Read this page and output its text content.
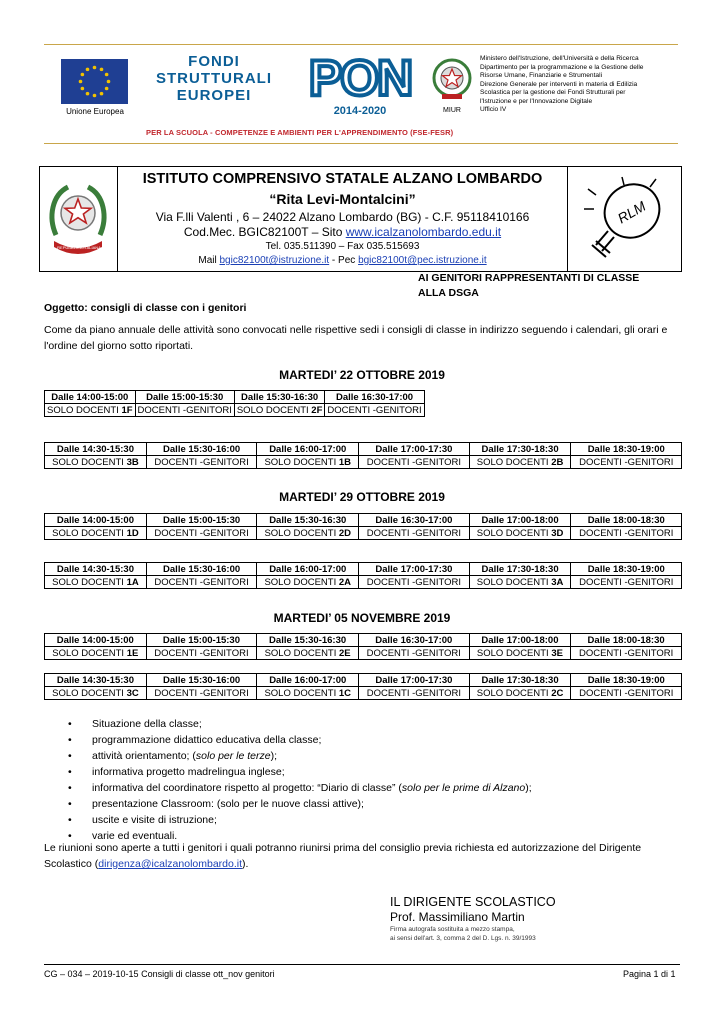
Unione Europea
FONDI
STRUTTURALI
EUROPEI	PON
2014-2020
PER LA SCUOLA - COMPETENZE E AMBIENTI PER L'APPRENDIMENTO (FSE-FESR)
MIUR
Ministero dell'Istruzione, dell'Università e della Ricerca
Dipartimento per la programmazione e la Gestione delle
Risorse Umane, Finanziarie e Strumentali
Direzione Generale per interventi in materia di Edilizia
Scolastica per la gestione dei Fondi Strutturali per
l'Istruzione e per l'Innovazione Digitale
Ufficio IV
REPUBBLICA ITALIANA
ISTITUTO COMPRENSIVO STATALE ALZANO LOMBARDO
“Rita Levi-Montalcini”
Via F.lli Valenti , 6 – 24022 Alzano Lombardo (BG) - C.F. 95118410166
Cod.Mec. BGIC82100T – Sito www.icalzanolombardo.edu.it
Tel. 035.511390 – Fax 035.515693
Mail bgic82100t@istruzione.it - Pec bgic82100t@pec.istruzione.it
RLM
AI GENITORI RAPPRESENTANTI DI CLASSE
ALLA DSGA
Oggetto: consigli di classe con i genitori
Come da piano annuale delle attività sono convocati nelle rispettive sedi i consigli di classe in indirizzo seguendo i calendari, gli orari e l'ordine del giorno sotto riportati.
MARTEDI’ 22 OTTOBRE 2019
Dalle 14:00-15:00	Dalle 15:00-15:30	Dalle 15:30-16:30	Dalle 16:30-17:00
SOLO DOCENTI 1F	DOCENTI -GENITORI	SOLO DOCENTI 2F	DOCENTI -GENITORI
Dalle 14:30-15:30	Dalle 15:30-16:00	Dalle 16:00-17:00	Dalle 17:00-17:30	Dalle 17:30-18:30	Dalle 18:30-19:00
SOLO DOCENTI 3B	DOCENTI -GENITORI	SOLO DOCENTI 1B	DOCENTI -GENITORI	SOLO DOCENTI 2B	DOCENTI -GENITORI
MARTEDI’ 29 OTTOBRE 2019
Dalle 14:00-15:00	Dalle 15:00-15:30	Dalle 15:30-16:30	Dalle 16:30-17:00	Dalle 17:00-18:00	Dalle 18:00-18:30
SOLO DOCENTI 1D	DOCENTI -GENITORI	SOLO DOCENTI 2D	DOCENTI -GENITORI	SOLO DOCENTI 3D	DOCENTI -GENITORI
Dalle 14:30-15:30	Dalle 15:30-16:00	Dalle 16:00-17:00	Dalle 17:00-17:30	Dalle 17:30-18:30	Dalle 18:30-19:00
SOLO DOCENTI 1A	DOCENTI -GENITORI	SOLO DOCENTI 2A	DOCENTI -GENITORI	SOLO DOCENTI 3A	DOCENTI -GENITORI
MARTEDI’ 05 NOVEMBRE 2019
Dalle 14:00-15:00	Dalle 15:00-15:30	Dalle 15:30-16:30	Dalle 16:30-17:00	Dalle 17:00-18:00	Dalle 18:00-18:30
SOLO DOCENTI 1E	DOCENTI -GENITORI	SOLO DOCENTI 2E	DOCENTI -GENITORI	SOLO DOCENTI 3E	DOCENTI -GENITORI
Dalle 14:30-15:30	Dalle 15:30-16:00	Dalle 16:00-17:00	Dalle 17:00-17:30	Dalle 17:30-18:30	Dalle 18:30-19:00
SOLO DOCENTI 3C	DOCENTI -GENITORI	SOLO DOCENTI 1C	DOCENTI -GENITORI	SOLO DOCENTI 2C	DOCENTI -GENITORI
• Situazione della classe;
• programmazione didattico educativa della classe;
• attività orientamento; (solo per le terze);
• informativa progetto madrelingua inglese;
• informativa del coordinatore rispetto al progetto: “Diario di classe” (solo per le prime di Alzano);
• presentazione Classroom: (solo per le nuove classi attive);
• uscite e visite di istruzione;
• varie ed eventuali.
Le riunioni sono aperte a tutti i genitori i quali potranno riunirsi prima del consiglio previa richiesta ed autorizzazione del Dirigente Scolastico (dirigenza@icalzanolombardo.it).
IL DIRIGENTE SCOLASTICO
Prof. Massimiliano Martin
Firma autografa sostituita a mezzo stampa,
ai sensi dell'art. 3, comma 2 del D. Lgs. n. 39/1993
CG – 034 – 2019-10-15 Consigli di classe ott_nov genitori	Pagina 1 di 1
